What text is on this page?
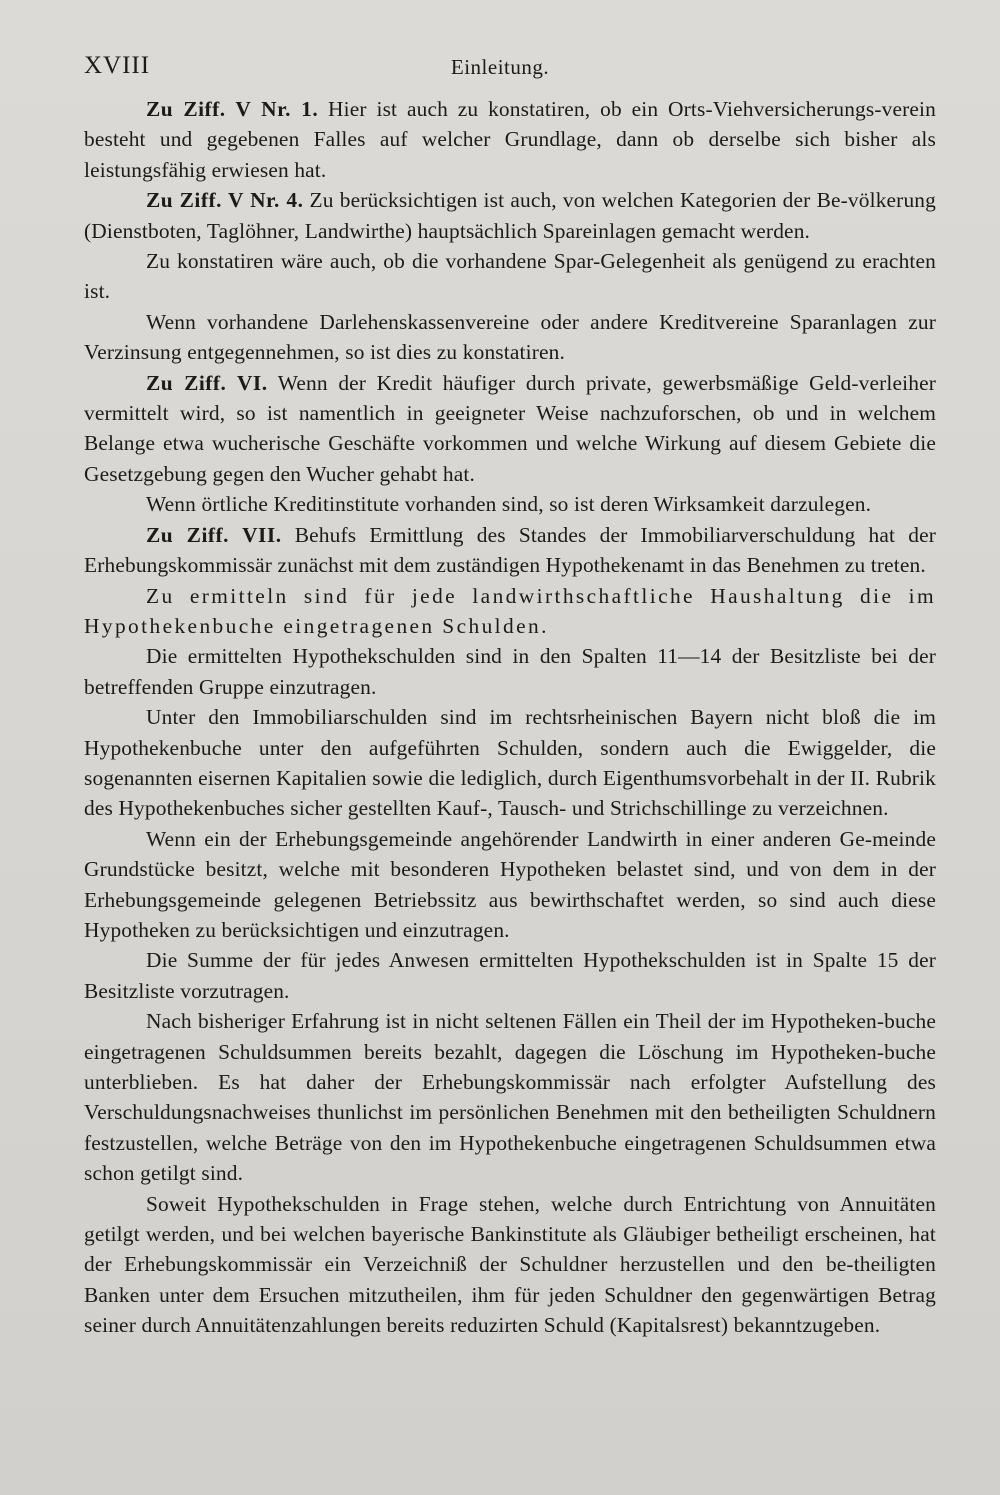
XVIII	Einleitung.

Zu Ziff. V Nr. 1. Hier ist auch zu konstatiren, ob ein Orts-Viehversicherungs-verein besteht und gegebenen Falles auf welcher Grundlage, dann ob derselbe sich bisher als leistungsfähig erwiesen hat.

Zu Ziff. V Nr. 4. Zu berücksichtigen ist auch, von welchen Kategorien der Be-völkerung (Dienstboten, Taglöhner, Landwirthe) hauptsächlich Spareinlagen gemacht werden.

Zu konstatiren wäre auch, ob die vorhandene Spar-Gelegenheit als genügend zu erachten ist.

Wenn vorhandene Darlehenskassenvereine oder andere Kreditvereine Sparanlagen zur Verzinsung entgegennehmen, so ist dies zu konstatiren.

Zu Ziff. VI. Wenn der Kredit häufiger durch private, gewerbsmäßige Geld-verleiher vermittelt wird, so ist namentlich in geeigneter Weise nachzuforschen, ob und in welchem Belange etwa wucherische Geschäfte vorkommen und welche Wirkung auf diesem Gebiete die Gesetzgebung gegen den Wucher gehabt hat.

Wenn örtliche Kreditinstitute vorhanden sind, so ist deren Wirksamkeit darzulegen.

Zu Ziff. VII. Behufs Ermittlung des Standes der Immobiliarverschuldung hat der Erhebungskommissär zunächst mit dem zuständigen Hypothekenamt in das Benehmen zu treten.

Zu ermitteln sind für jede landwirthschaftliche Haushaltung die im Hypothekenbuche eingetragenen Schulden.

Die ermittelten Hypothekschulden sind in den Spalten 11—14 der Besitzliste bei der betreffenden Gruppe einzutragen.

Unter den Immobiliarschulden sind im rechtsrheinischen Bayern nicht bloß die im Hypothekenbuche unter den aufgeführten Schulden, sondern auch die Ewiggelder, die sogenannten eisernen Kapitalien sowie die lediglich, durch Eigenthumsvorbehalt in der II. Rubrik des Hypothekenbuches sicher gestellten Kauf-, Tausch- und Strichschillinge zu verzeichnen.

Wenn ein der Erhebungsgemeinde angehörender Landwirth in einer anderen Ge-meinde Grundstücke besitzt, welche mit besonderen Hypotheken belastet sind, und von dem in der Erhebungsgemeinde gelegenen Betriebssitz aus bewirthschaftet werden, so sind auch diese Hypotheken zu berücksichtigen und einzutragen.

Die Summe der für jedes Anwesen ermittelten Hypothekschulden ist in Spalte 15 der Besitzliste vorzutragen.

Nach bisheriger Erfahrung ist in nicht seltenen Fällen ein Theil der im Hypotheken-buche eingetragenen Schuldsummen bereits bezahlt, dagegen die Löschung im Hypotheken-buche unterblieben. Es hat daher der Erhebungskommissär nach erfolgter Aufstellung des Verschuldungsnachweises thunlichst im persönlichen Benehmen mit den betheiligten Schuldnern festzustellen, welche Beträge von den im Hypothekenbuche eingetragenen Schuldsummen etwa schon getilgt sind.

Soweit Hypothekschulden in Frage stehen, welche durch Entrichtung von Annuitäten getilgt werden, und bei welchen bayerische Bankinstitute als Gläubiger betheiligt erscheinen, hat der Erhebungskommissär ein Verzeichniß der Schuldner herzustellen und den be-theiligten Banken unter dem Ersuchen mitzutheilen, ihm für jeden Schuldner den gegenwärtigen Betrag seiner durch Annuitätenzahlungen bereits reduzirten Schuld (Kapitalsrest) bekanntzugeben.
